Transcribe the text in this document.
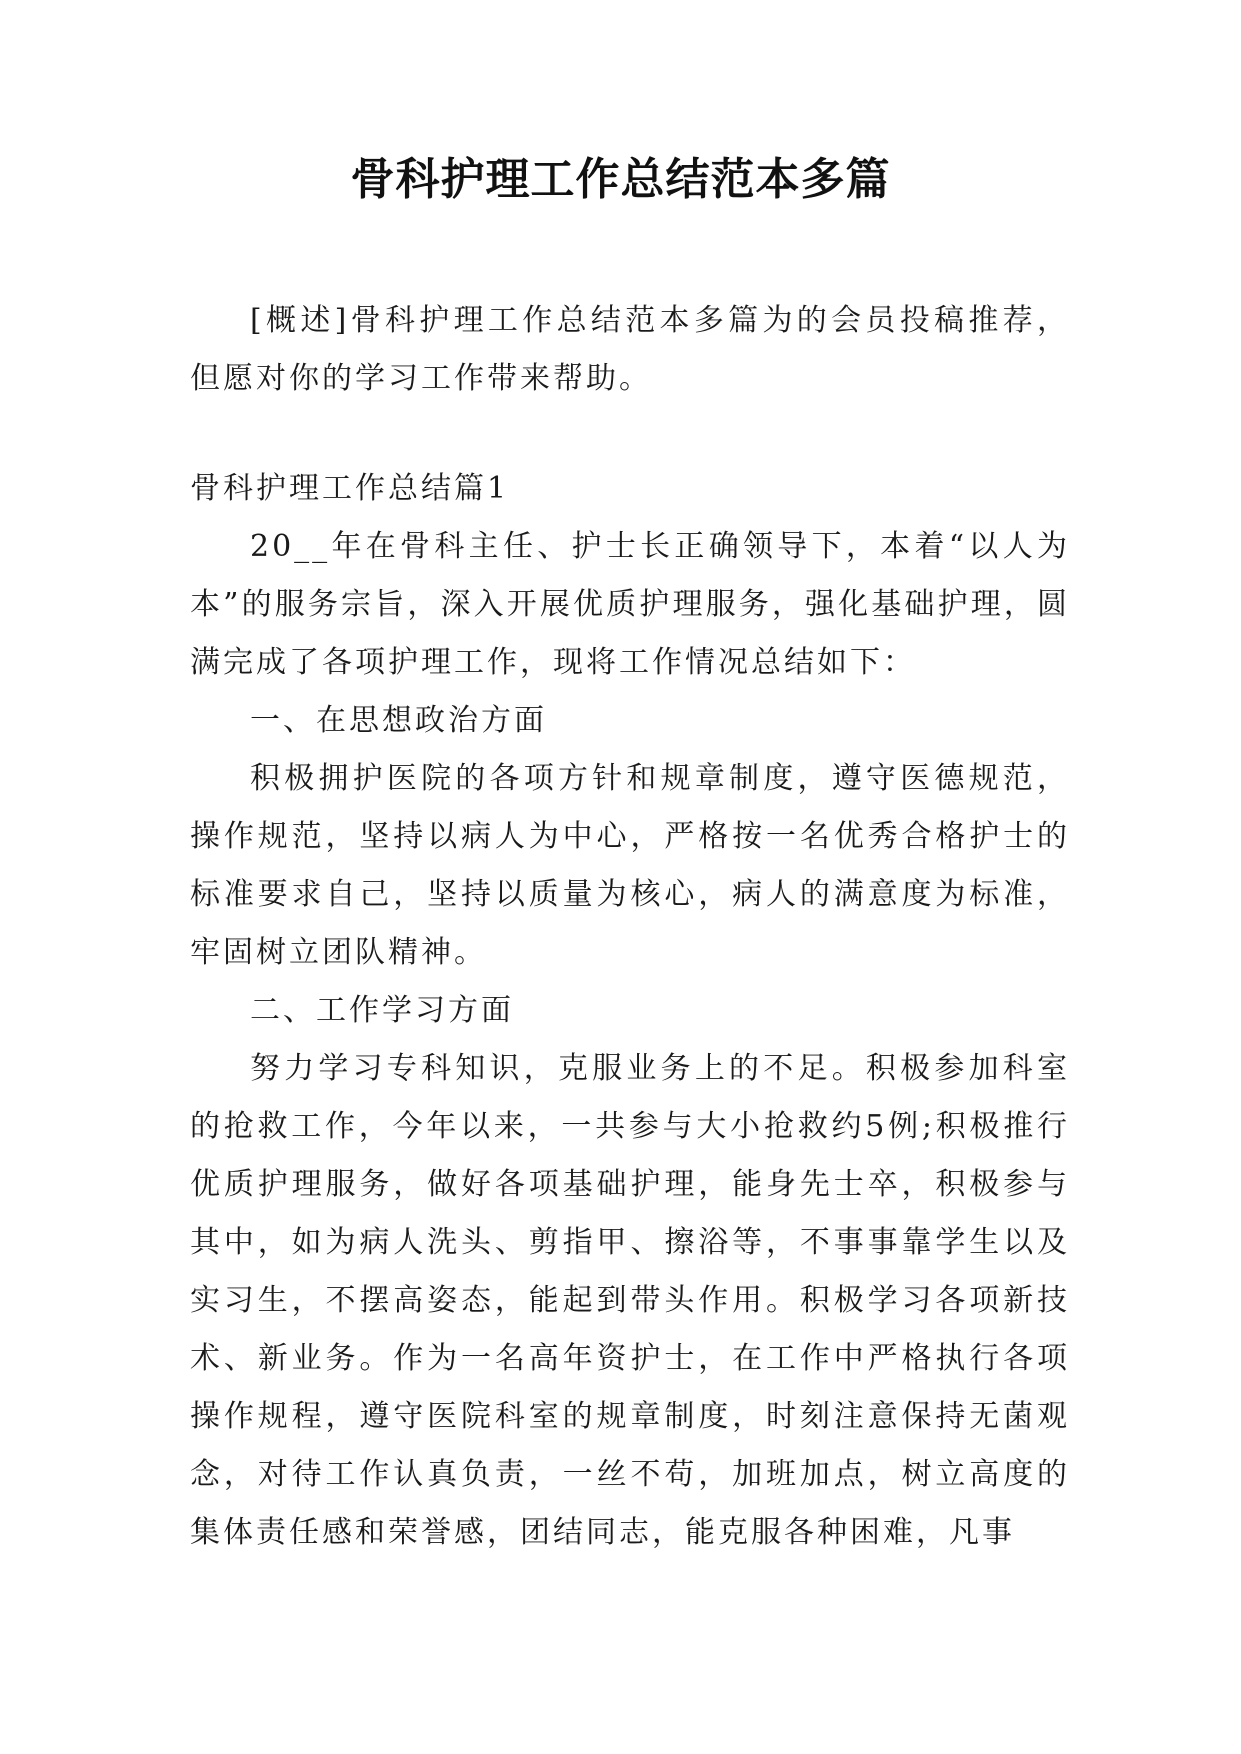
骨科护理工作总结范本多篇

[概述]骨科护理工作总结范本多篇为的会员投稿推荐，但愿对你的学习工作带来帮助。

骨科护理工作总结篇1

20__年在骨科主任、护士长正确领导下，本着“以人为本”的服务宗旨，深入开展优质护理服务，强化基础护理，圆满完成了各项护理工作，现将工作情况总结如下：

一、在思想政治方面

积极拥护医院的各项方针和规章制度，遵守医德规范，操作规范，坚持以病人为中心，严格按一名优秀合格护士的标准要求自己，坚持以质量为核心，病人的满意度为标准，牢固树立团队精神。

二、工作学习方面

努力学习专科知识，克服业务上的不足。积极参加科室的抢救工作，今年以来，一共参与大小抢救约5例;积极推行优质护理服务，做好各项基础护理，能身先士卒，积极参与其中，如为病人洗头、剪指甲、擦浴等，不事事靠学生以及实习生，不摆高姿态，能起到带头作用。积极学习各项新技术、新业务。作为一名高年资护士，在工作中严格执行各项操作规程，遵守医院科室的规章制度，时刻注意保持无菌观念，对待工作认真负责，一丝不苟，加班加点，树立高度的集体责任感和荣誉感，团结同志，能克服各种困难，凡事
